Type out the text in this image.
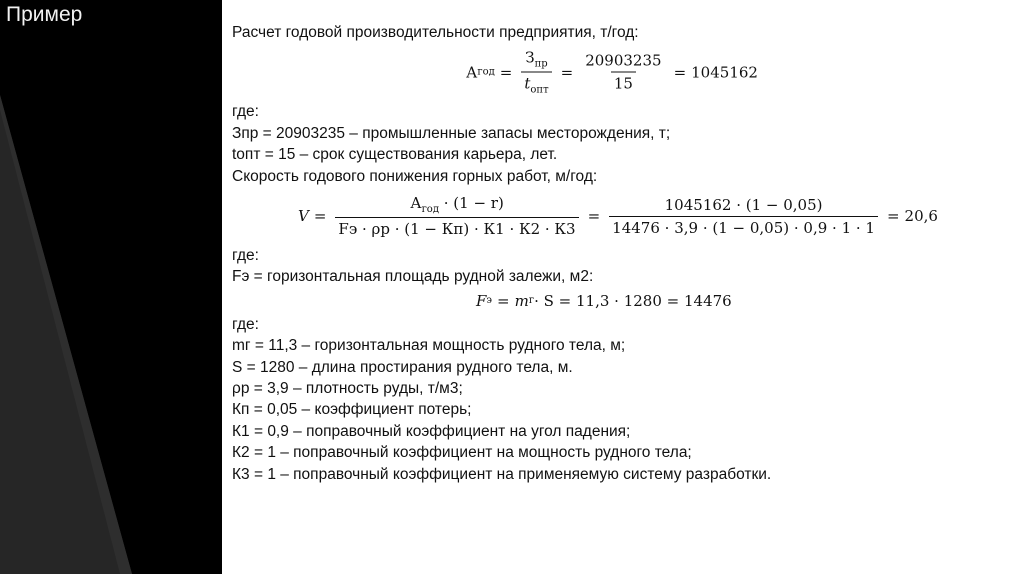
Пример
Расчет годовой производительности предприятия, т/год:
А год = $\frac{З_{пр}}{t_{опт}} = \frac{20903235}{15} = 1045162$
где:
Зпр = 20903235 – промышленные запасы месторождения, т;
tопт = 15 – срок существования карьера, лет.
Скорость годового понижения горных работ, м/год:
$V = \frac{А_{год} \cdot (1 - r)}{Fэ \cdot \rho р \cdot (1 - Кп) \cdot К1 \cdot К2 \cdot К3} = \frac{1045162 \cdot (1 - 0,05)}{14476 \cdot 3,9 \cdot (1 - 0,05) \cdot 0,9 \cdot 1 \cdot 1} = 20,6$
где:
Fэ = горизонтальная площадь рудной залежи, м2:
F э = m г · S = 11,3 · 1280 = 14476
где:
mг = 11,3 – горизонтальная мощность рудного тела, м;
S = 1280 – длина простирания рудного тела, м.
ρр = 3,9 – плотность руды, т/м3;
Кп = 0,05 – коэффициент потерь;
К1 = 0,9 – поправочный коэффициент на угол падения;
К2 = 1 – поправочный коэффициент на мощность рудного тела;
К3 = 1 – поправочный коэффициент на применяемую систему разработки.
